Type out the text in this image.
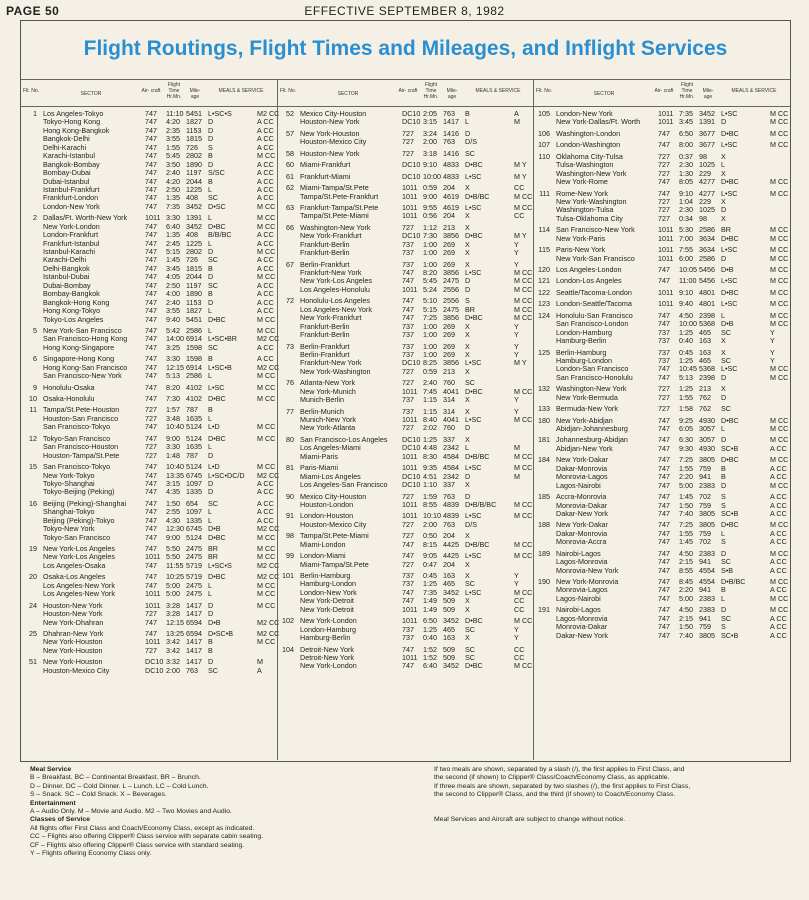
PAGE 50	EFFECTIVE SEPTEMBER 8, 1982
Flight Routings, Flight Times and Mileages, and Inflight Services
Flt. No.	SECTOR	Air- craft
Flight Time Hr.Mn.
Mile- age
MEALS & SERVICE
1 Los Angeles-Tokyo	747 11:10 5451 L•SC•S	M2 CC
Tokyo-Hong Kong	747 4:20 1827 D	A CC
Hong Kong-Bangkok	747 2:35 1153 D	A CC
Bangkok-Delhi	747 3:55 1815 D	A CC
Delhi-Karachi	747 1:55 726 S	A CC
Karachi-Istanbul	747 5:45 2802 B	M CC
Bangkok-Bombay	747 3:50 1890 D	A CC
Bombay-Dubai	747 2:40 1197 S/SC	A CC
Dubai-Istanbul	747 4:20 2044 B	A CC
Istanbul-Frankfurt	747 2:50 1225 L	A CC
Frankfurt-London	747 1:35 408 SC	A CC
London-New York	747 7:35 3452 D•SC	M CC
2 Dallas/Ft. Worth-New York 1011 3:30 1391 L	M CC
New York-London	747 6:40 3452 D•BC	M CC
London-Frankfurt	747 1:35 408 B/B/BC	A CC
Frankfurt-Istanbul	747 2:45 1225 L	A CC
Istanbul-Karachi	747 5:15 2802 D	M CC
Karachi-Delhi	747 1:45 726 SC	A CC
Delhi-Bangkok	747 3:45 1815 B	A CC
Istanbul-Dubai	747 4:05 2044 D	M CC
Dubai-Bombay	747 2:50 1197 SC	A CC
Bombay-Bangkok	747 4:00 1890 B	A CC
Bangkok-Hong Kong	747 2:40 1153 D	A CC
Hong Kong-Tokyo	747 3:55 1827 L	A CC
Tokyo-Los Angeles	747 9:40 5451 D•BC	M CC
5 New York-San Francisco	747 5:42 2586 L	M CC
San Francisco-Hong Kong 747 14:00 6914 L•SC•BR	M2 CC
Hong Kong-Singapore	747 3:25 1598 SC	A CC
6 Singapore-Hong Kong	747 3:30 1598 B	A CC
Hong Kong-San Francisco 747 12:15 6914 L•SC•B	M2 CC
San Francisco-New York	747 5:13 2586 L	M CC
9 Honolulu-Osaka	747 8:20 4102 L•SC	M CC
10 Osaka-Honolulu	747 7:30 4102 D•BC	M CC
11 Tampa/St.Pete-Houston	727 1:57 787 B
Houston-San Francisco	727 3:48 1635 L
San Francisco-Tokyo	747 10:40 5124 L•D	M CC
12 Tokyo-San Francisco	747 9:00 5124 D•BC	M CC
San Francisco-Houston	727 3:30 1635 L
Houston-Tampa/St.Pete	727 1:48 787 D
15 San Francisco-Tokyo	747 10:40 5124 L•D	M CC
New York-Tokyo	747 13:35 6745 L•SC•DC/D M2 CC
Tokyo-Shanghai	747 3:15 1097 D	A CC
Tokyo-Beijing (Peking)	747 4:35 1335 D	A CC
16 Beijing (Peking)-Shanghai	747 1:50 654 SC	A CC
Shanghai-Tokyo	747 2:55 1097 L	A CC
Beijing (Peking)-Tokyo	747 4:30 1335 L	A CC
Tokyo-New York	747 12:30 6745 D•B	M2 CC
Tokyo-San Francisco	747 9:00 5124 D•BC	M CC
19 New York-Los Angeles	747 5:50 2475 BR	M CC
New York-Los Angeles	1011 5:50 2475 BR	M CC
Los Angeles-Osaka	747 11:55 5719 L•SC•S	M2 CC
20 Osaka-Los Angeles	747 10:25 5719 D•BC	M2 CC
Los Angeles-New York	747 5:00 2475 L	M CC
Los Angeles-New York	1011 5:00 2475 L	M CC
24 Houston-New York	1011 3:28 1417 D	M CC
Houston-New York	727 3:28 1417 D
New York-Dhahran	747 12:15 6594 D•B	M2 CC
25 Dhahran-New York	747 13:25 6594 D•SC•B	M2 CC
New York-Houston	1011 3:42 1417 B	M CC
New York-Houston	727 3:42 1417 B
51 New York-Houston	DC10 3:32 1417 D	M
Houston-Mexico City	DC10 2:00 763 SC	A
Flt. No.	SECTOR	Air- craft
Flight Time Hr.Mn.
Mile- age
MEALS & SERVICE
52 Mexico City-Houston	DC10 2:05 763 B	A
Houston-New York	DC10 3:15 1417 L	M
57 New York-Houston	727 3:24 1416 D
Houston-Mexico City	727 2:00 763 D/S
58 Houston-New York	727 3:18 1416 SC
60 Miami-Frankfurt	DC10 9:10 4833 D•BC	M Y
61 Frankfurt-Miami	DC10 10:00 4833 L•SC	M Y
62 Miami-Tampa/St.Pete	1011 0:59 204 X	CC
Tampa/St.Pete-Frankfurt	1011 9:00 4619 D•B/BC	M CC
63 Frankfurt-Tampa/St.Pete	1011 9:55 4619 L•SC	M CC
Tampa/St.Pete-Miami	1011 0:56 204 X	CC
66 Washington-New York	727 1:12 213 X
New York-Frankfurt	DC10 7:30 3856 D•BC	M Y
Frankfurt-Berlin	737 1:00 269 X	Y
Frankfurt-Berlin	737 1:00 269 X	Y
67 Berlin-Frankfurt	737 1:00 269 X	Y
Frankfurt-New York	747 8:20 3856 L•SC	M CC
New York-Los Angeles	747 5:45 2475 D	M CC
Los Angeles-Honolulu	1011 5:24 2556 D	M CC
72 Honolulu-Los Angeles	747 5:10 2556 S	M CC
Los Angeles-New York	747 5:15 2475 BR	M CC
New York-Frankfurt	747 7:25 3856 D•BC	M CC
Frankfurt-Berlin	737 1:00 269 X	Y
Frankfurt-Berlin	737 1:00 269 X	Y
73 Berlin-Frankfurt	737 1:00 269 X	Y
Berlin-Frankfurt	737 1:00 269 X	Y
Frankfurt-New York	DC10 8:25 3856 L•SC	M Y
New York-Washington	727 0:59 213 X
76 Atlanta-New York	727 2:40 760 SC
New York-Munich	1011 7:45 4041 D•BC	M CC
Munich-Berlin	737 1:15 314 X	Y
77 Berlin-Munich	737 1:15 314 X	Y
Munich-New York	1011 8:40 4041 L•SC	M CC
New York-Atlanta	727 2:02 760 D
80 San Francisco-Los Angeles DC10 1:25 337 X
Los Angeles-Miami	DC10 4:48 2342 L	M
Miami-Paris	1011 8:30 4584 D•B/BC	M CC
81 Paris-Miami	1011 9:35 4584 L•SC	M CC
Miami-Los Angeles	DC10 4:51 2342 D	M
Los Angeles-San Francisco DC10 1:10 337 X
90 Mexico City-Houston	727 1:59 763 D
Houston-London	1011 8:55 4839 D•B/B/BC M CC
91 London-Houston	1011 10:10 4839 L•SC	M CC
Houston-Mexico City	727 2:00 763 D/S
98 Tampa/St.Pete-Miami	727 0:50 204 X
Miami-London	747 8:15 4425 D•B/BC	M CC
99 London-Miami	747 9:05 4425 L•SC	M CC
Miami-Tampa/St.Pete	727 0:47 204 X
101 Berlin-Hamburg	737 0:45 163 X	Y
Hamburg-London	737 1:25 465 SC	Y
London-New York	747 7:35 3452 L•SC	M CC
New York-Detroit	747 1:49 509 X	CC
New York-Detroit	1011 1:49 509 X	CC
102 New York-London	1011 6:50 3452 D•BC	M CC
London-Hamburg	737 1:25 465 SC	Y
Hamburg-Berlin	737 0:40 163 X	Y
104 Detroit-New York	747 1:52 509 SC	CC
Detroit-New York	1011 1:52 509 SC	CC
New York-London	747 6:40 3452 D•BC	M CC
Flt. No.	SECTOR	Air- craft
Flight Time Hr.Mn.
Mile- age
MEALS & SERVICE
105 London-New York	1011 7:35 3452 L•SC	M CC
New York-Dallas/Ft. Worth 1011 3:45 1391 D	M CC
106 Washington-London	747 6:50 3677 D•BC	M CC
107 London-Washington	747 8:00 3677 L•SC	M CC
110 Oklahoma City-Tulsa	727 0:37 98 X
Tulsa-Washington	727 2:30 1025 L
Washington-New York	727 1:30 229 X
New York-Rome	747 8:05 4277 D•BC	M CC
111 Rome-New York	747 9:10 4277 L•SC	M CC
New York-Washington	727 1:04 229 X
Washington-Tulsa	727 2:30 1025 D
Tulsa-Oklahoma City	727 0:34 98 X
114 San Francisco-New York	1011 5:30 2586 BR	M CC
New York-Paris	1011 7:00 3634 D•BC	M CC
115 Paris-New York	1011 7:55 3634 L•SC	M CC
New York-San Francisco	1011 6:00 2586 D	M CC
120 Los Angeles-London	747 10:05 5456 D•B	M CC
121 London-Los Angeles	747 11:00 5456 L•SC	M CC
122 Seattle/Tacoma-London	1011 9:10 4801 D•BC	M CC
123 London-Seattle/Tacoma	1011 9:40 4801 L•SC	M CC
124 Honolulu-San Francisco	747 4:50 2398 L	M CC
San Francisco-London	747 10:00 5368 D•B	M CC
London-Hamburg	737 1:25 465 SC	Y
Hamburg-Berlin	737 0:40 163 X	Y
125 Berlin-Hamburg	737 0:45 163 X	Y
Hamburg-London	737 1:25 465 SC	Y
London-San Francisco	747 10:45 5368 L•SC	M CC
San Francisco-Honolulu	747 5:13 2398 D	M CC
132 Washington-New York	727 1:25 213 X
New York-Bermuda	727 1:55 762 D
133 Bermuda-New York	727 1:58 762 SC
180 New York-Abidjan	747 9:25 4930 D•BC	M CC
Abidjan-Johannesburg	747 6:05 3057 L	M CC
181 Johannesburg-Abidjan	747 6:30 3057 D	M CC
Abidjan-New York	747 9:30 4930 SC•B	A CC
184 New York-Dakar	747 7:25 3805 D•BC	M CC
Dakar-Monrovia	747 1:55 759 B	A CC
Monrovia-Lagos	747 2:20 941 B	A CC
Lagos-Nairobi	747 5:00 2383 D	M CC
185 Accra-Monrovia	747 1:45 702 S	A CC
Monrovia-Dakar	747 1:50 759 S	A CC
Dakar-New York	747 7:40 3805 SC•B	A CC
188 New York-Dakar	747 7:25 3805 D•BC	M CC
Dakar-Monrovia	747 1:55 759 L	A CC
Monrovia-Accra	747 1:45 702 S	A CC
189 Nairobi-Lagos	747 4:50 2383 D	M CC
Lagos-Monrovia	747 2:15 941 SC	A CC
Monrovia-New York	747 8:55 4554 S•B	A CC
190 New York-Monrovia	747 8:45 4554 D•B/BC	M CC
Monrovia-Lagos	747 2:20 941 B	A CC
Lagos-Nairobi	747 5:00 2383 L	M CC
191 Nairobi-Lagos	747 4:50 2383 D	M CC
Lagos-Monrovia	747 2:15 941 SC	A CC
Monrovia-Dakar	747 1:50 759 S	A CC
Dakar-New York	747 7:40 3805 SC•B	A CC
Meal Service
B – Breakfast. BC – Continental Breakfast. BR – Brunch.
D – Dinner. DC – Cold Dinner. L – Lunch. LC – Cold Lunch.
S – Snack. SC – Cold Snack. X – Beverages.
Entertainment
A – Audio Only. M – Movie and Audio. M2 – Two Movies and Audio.
Classes of Service
All flights offer First Class and Coach/Economy Class, except as indicated.
CC – Flights also offering Clipper® Class service with separate cabin seating.
CF – Flights also offering Clipper® Class service with standard seating.
Y – Flights offering Economy Class only.
If two meals are shown, separated by a slash (/), the first applies to First Class, and
the second (if shown) to Clipper® Class/Coach/Economy Class, as applicable.
If three meals are shown, separated by two slashes (/), the first applies to First Class,
the second to Clipper® Class, and the third (if shown) to Coach/Economy Class.
Meal Services and Aircraft are subject to change without notice.
